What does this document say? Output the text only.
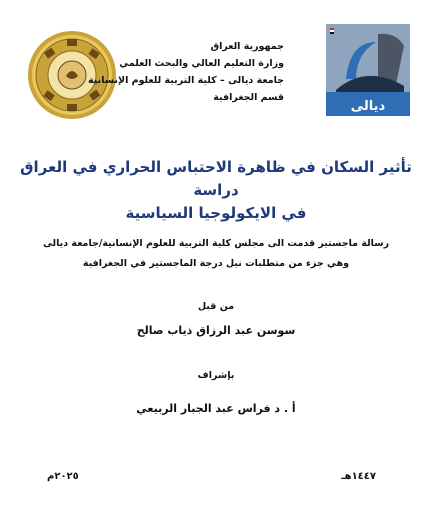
ديالى
جمهورية العراق
وزارة التعليم العالي والبحث العلمي
جامعة ديالى – كلية التربية للعلوم الإنسانية
قسم الجغرافية
تأثير السكان في ظاهرة الاحتباس الحراري في العراق دراسة
في الايكولوجيا السياسية
رسالة ماجستير قدمت الى مجلس كلية التربية للعلوم الإنسانية/جامعة ديالى
وهي جزء من متطلبات نيل درجة الماجستير في الجغرافية
من قبل
سوسن عبد الرزاق ذياب صالح
بإشراف
أ . د فراس عبد الجبار الربيعي
١٤٤٧هـ
٢٠٢٥م
